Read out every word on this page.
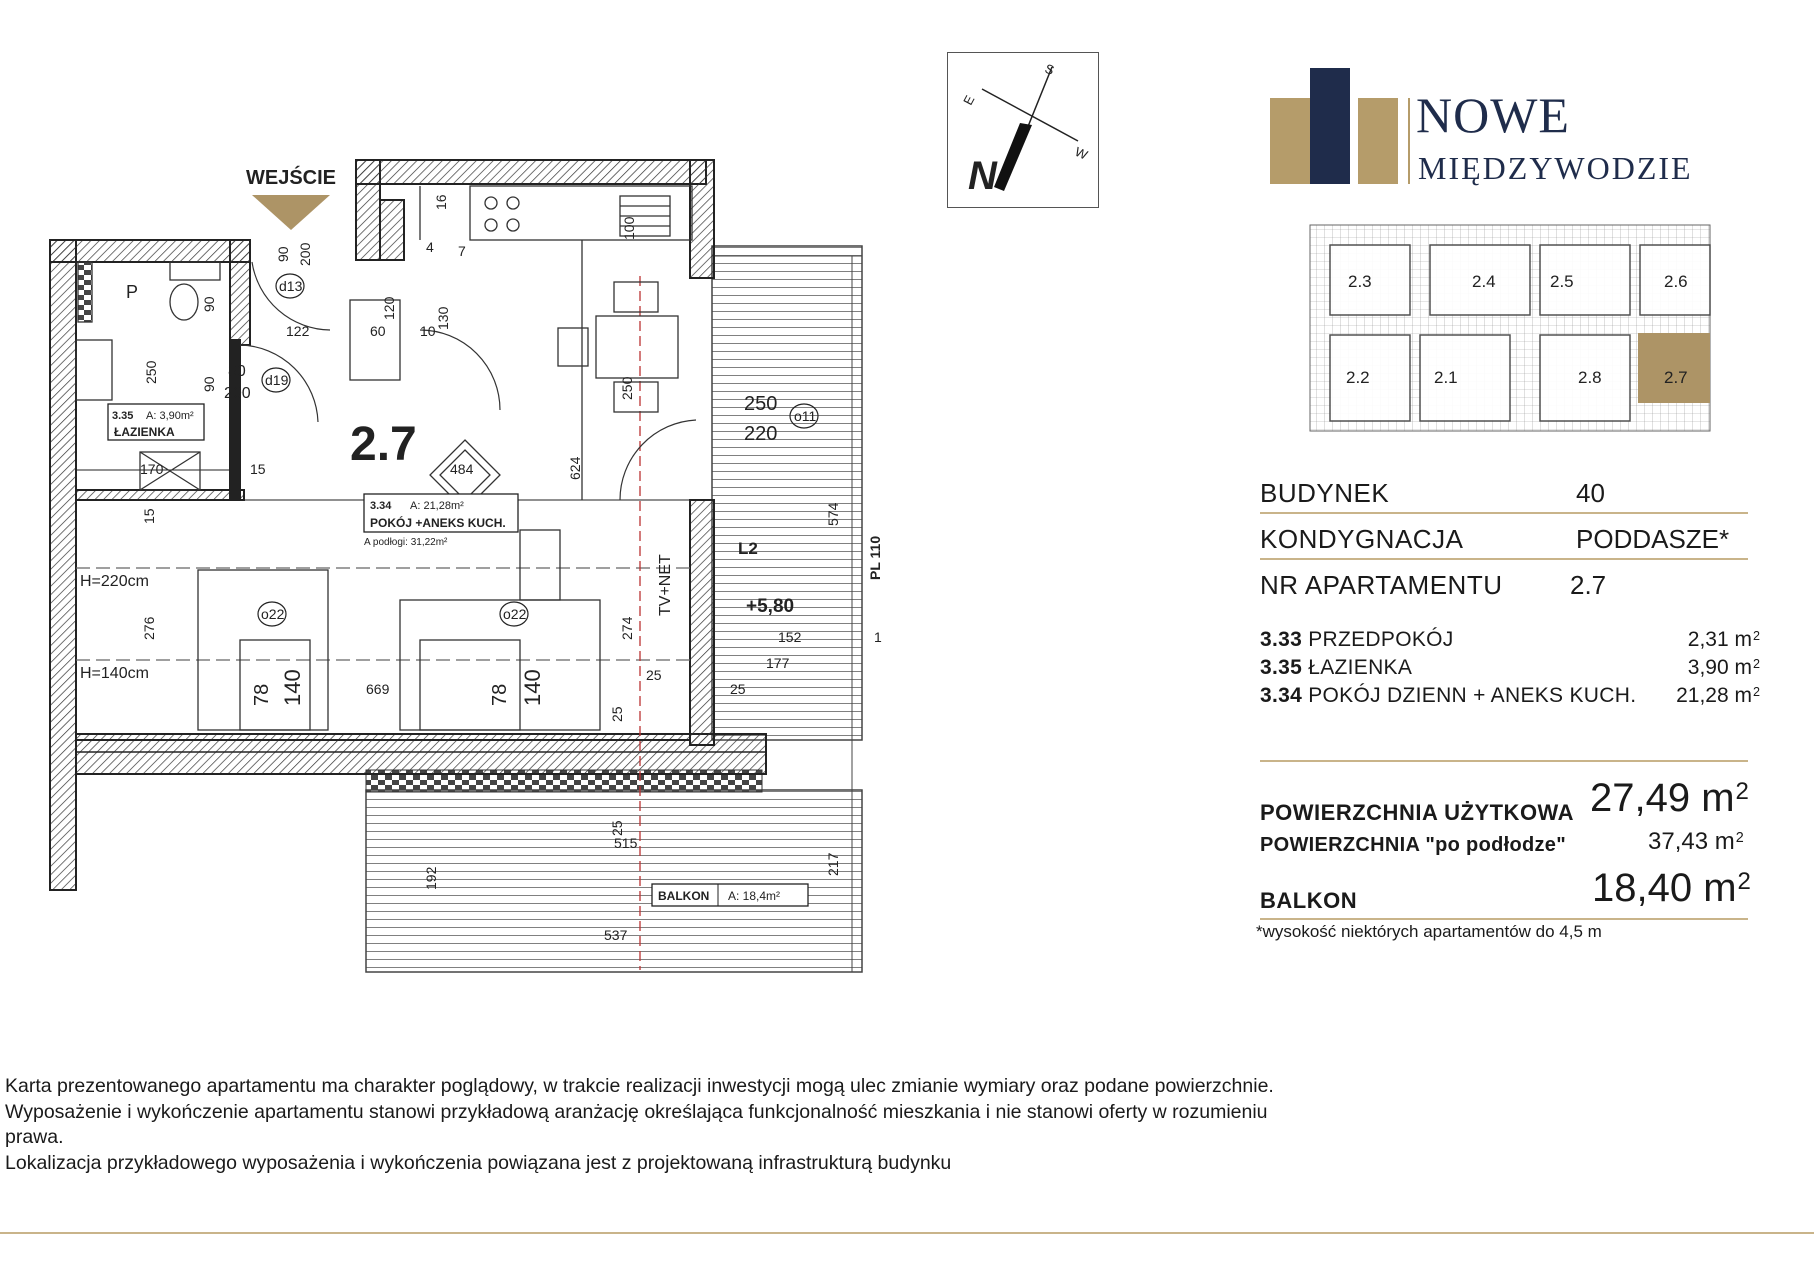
WEJŚCIE
2.7
P
3.35 A: 3,90m²
ŁAZIENKA
3.34 A: 21,28m²
POKÓJ +ANEKS KUCH.
A podłogi: 31,22m²
BALKON A: 18,4m²
H=220cm
H=140cm
TV+NET	+5,80
L2	PL 110
d13
d19
o11
o22	o22
90 200
122	60 10
130
120
7
4
16
100
90
250	80
200
90	250
250
220
170	15	484	624
574
15
276	274
669
78 140	78 140
152
177
25
25
25
25
515
192
217
537
1
N
S
E
W
NOWE
MIĘDZYWODZIE
2.3	2.4	2.5	2.6
2.2	2.1	2.8	2.7
BUDYNEK	40
KONDYGNACJA	PODDASZE*
NR APARTAMENTU	2.7
3.33 PRZEDPOKÓJ	2,31 $m^2$
3.35 ŁAZIENKA	3,90 $m^2$
3.34 POKÓJ DZIENN + ANEKS KUCH.	21,28 $m^2$
POWIERZCHNIA UŻYTKOWA 27,49 $m^2$
POWIERZCHNIA "po podłodze"	37,43 $m^2$
BALKON	18,40 $m^2$
*wysokość niektórych apartamentów do 4,5 m
Karta prezentowanego apartamentu ma charakter poglądowy, w trakcie realizacji inwestycji mogą ulec zmianie wymiary oraz podane powierzchnie.
Wyposażenie i wykończenie apartamentu stanowi przykładową aranżację określająca funkcjonalność mieszkania i nie stanowi oferty w rozumieniu prawa.
Lokalizacja przykładowego wyposażenia i wykończenia powiązana jest z projektowaną infrastrukturą budynku
